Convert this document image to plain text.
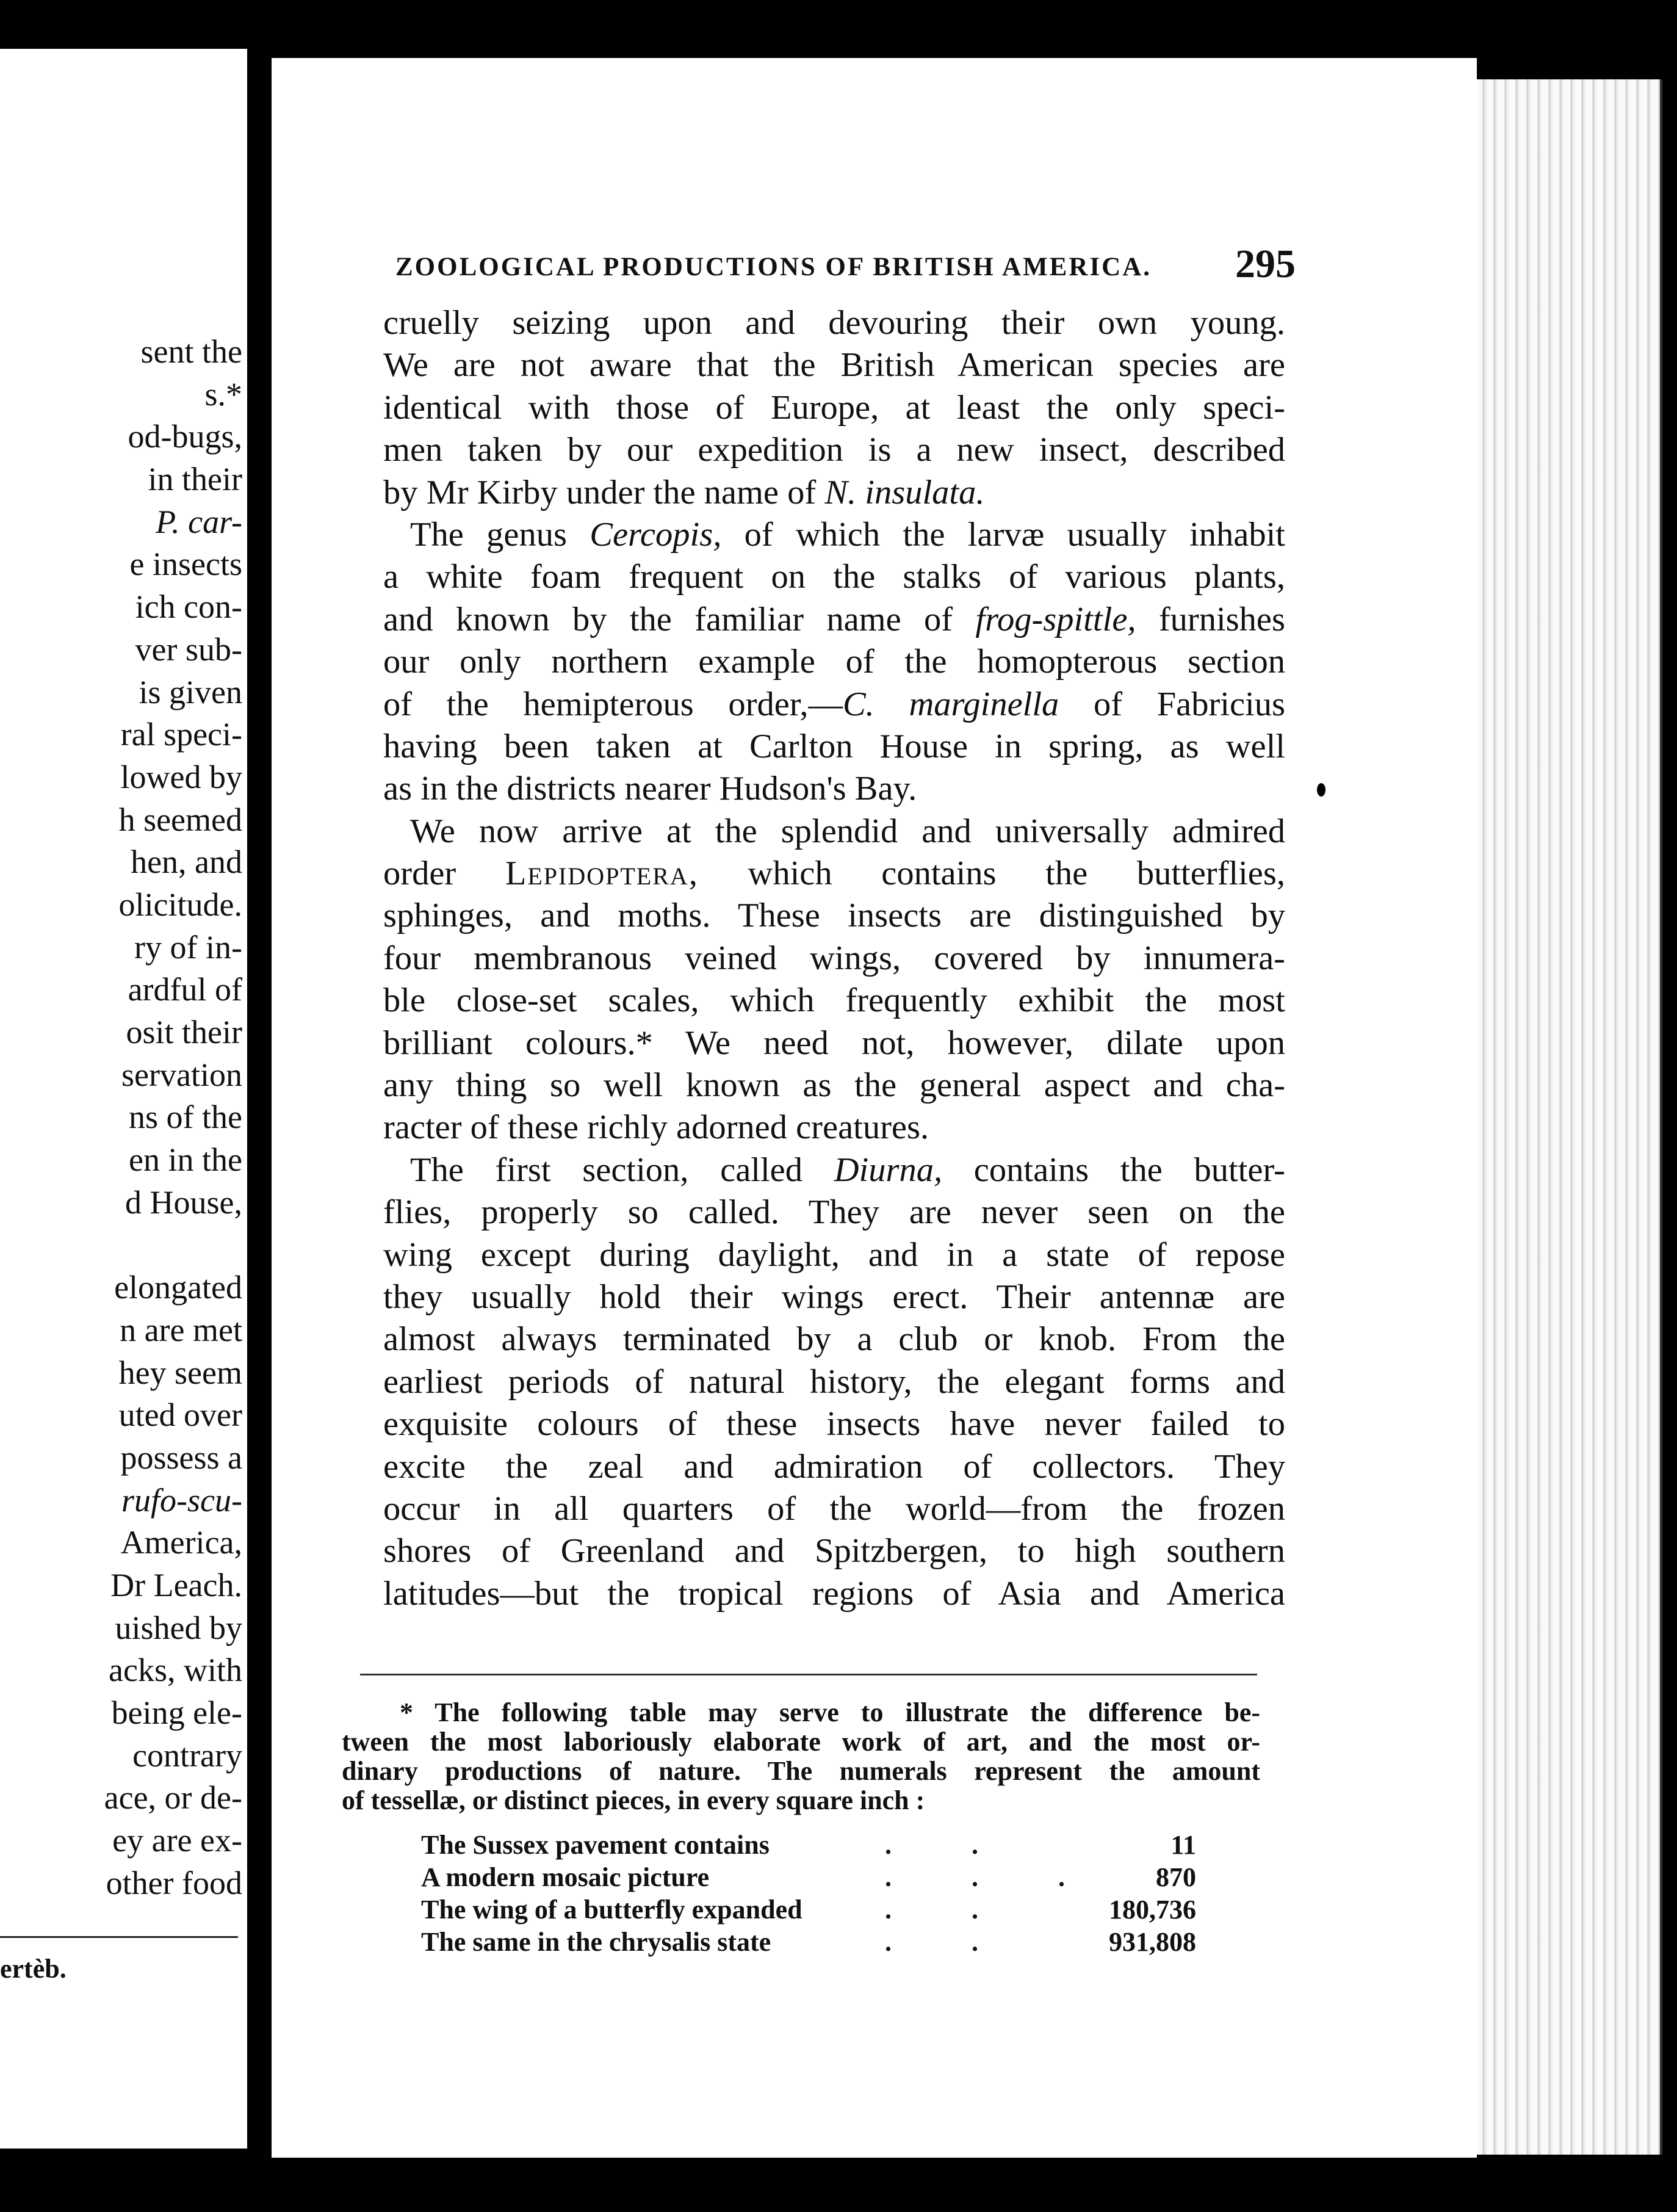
sent the
s.*
od-bugs,
in their
P. car-
e insects
ich con-
ver sub-
is given
ral speci-
lowed by
h seemed
hen, and
olicitude.
ry of in-
ardful of
osit their
servation
ns of the
en in the
d House,
elongated
n are met
hey seem
uted over
possess a
rufo-scu-
America,
Dr Leach.
uished by
acks, with
being ele-
contrary
ace, or de-
ey are ex-
other food
ertèb.
ZOOLOGICAL PRODUCTIONS OF BRITISH AMERICA. 295
cruelly seizing upon and devouring their own young.
We are not aware that the British American species are
identical with those of Europe, at least the only speci-
men taken by our expedition is a new insect, described
by Mr Kirby under the name of N. insulata.
The genus Cercopis, of which the larvæ usually inhabit
a white foam frequent on the stalks of various plants,
and known by the familiar name of frog-spittle, furnishes
our only northern example of the homopterous section
of the hemipterous order,—C. marginella of Fabricius
having been taken at Carlton House in spring, as well
as in the districts nearer Hudson's Bay.
We now arrive at the splendid and universally admired
order Lepidoptera, which contains the butterflies,
sphinges, and moths. These insects are distinguished by
four membranous veined wings, covered by innumera-
ble close-set scales, which frequently exhibit the most
brilliant colours.* We need not, however, dilate upon
any thing so well known as the general aspect and cha-
racter of these richly adorned creatures.
The first section, called Diurna, contains the butter-
flies, properly so called. They are never seen on the
wing except during daylight, and in a state of repose
they usually hold their wings erect. Their antennæ are
almost always terminated by a club or knob. From the
earliest periods of natural history, the elegant forms and
exquisite colours of these insects have never failed to
excite the zeal and admiration of collectors. They
occur in all quarters of the world—from the frozen
shores of Greenland and Spitzbergen, to high southern
latitudes—but the tropical regions of Asia and America
* The following table may serve to illustrate the difference be-
tween the most laboriously elaborate work of art, and the most or-
dinary productions of nature. The numerals represent the amount
of tessellæ, or distinct pieces, in every square inch :
The Sussex pavement contains	. .	11
A modern mosaic picture	. . . 870
The wing of a butterfly expanded	. .	180,736
The same in the chrysalis state	. .	931,808
